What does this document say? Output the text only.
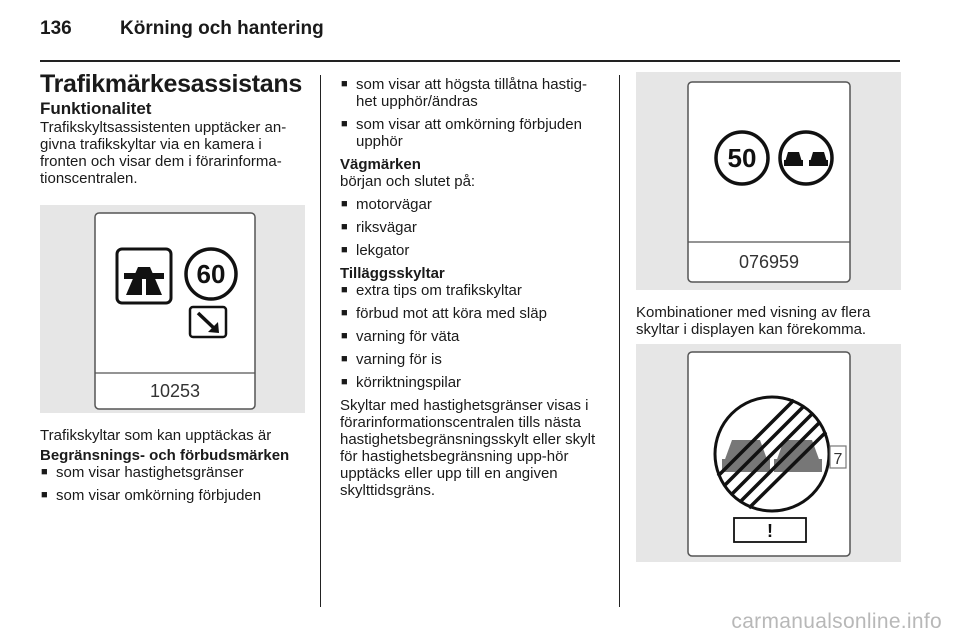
136	Körning och hantering
Trafikmärkesassistans
Funktionalitet

Trafikskyltsassistenten upptäcker an-givna trafikskyltar via en kamera i fronten och visar dem i förarinforma-tionscentralen.

60
10253

Trafikskyltar som kan upptäckas är

Begränsnings- och förbudsmärken
■ som visar hastighetsgränser
■ som visar omkörning förbjuden
■ som visar att högsta tillåtna hastig-het upphör/ändras
■ som visar att omkörning förbjuden upphör
Vägmärken

början och slutet på:

■ motorvägar
■ riksvägar
■ lekgator
Tilläggsskyltar
■ extra tips om trafikskyltar
■ förbud mot att köra med släp
■ varning för väta
■ varning för is
■ körriktningspilar

Skyltar med hastighetsgränser visas i förarinformationscentralen tills nästa hastighetsbegränsningsskylt eller skylt för hastighetsbegränsning upp-hör upptäcks eller upp till en angiven skylttidsgräns.

50
076959

Kombinationer med visning av flera skyltar i displayen kan förekomma.

7
!
carmanualsonline.info
